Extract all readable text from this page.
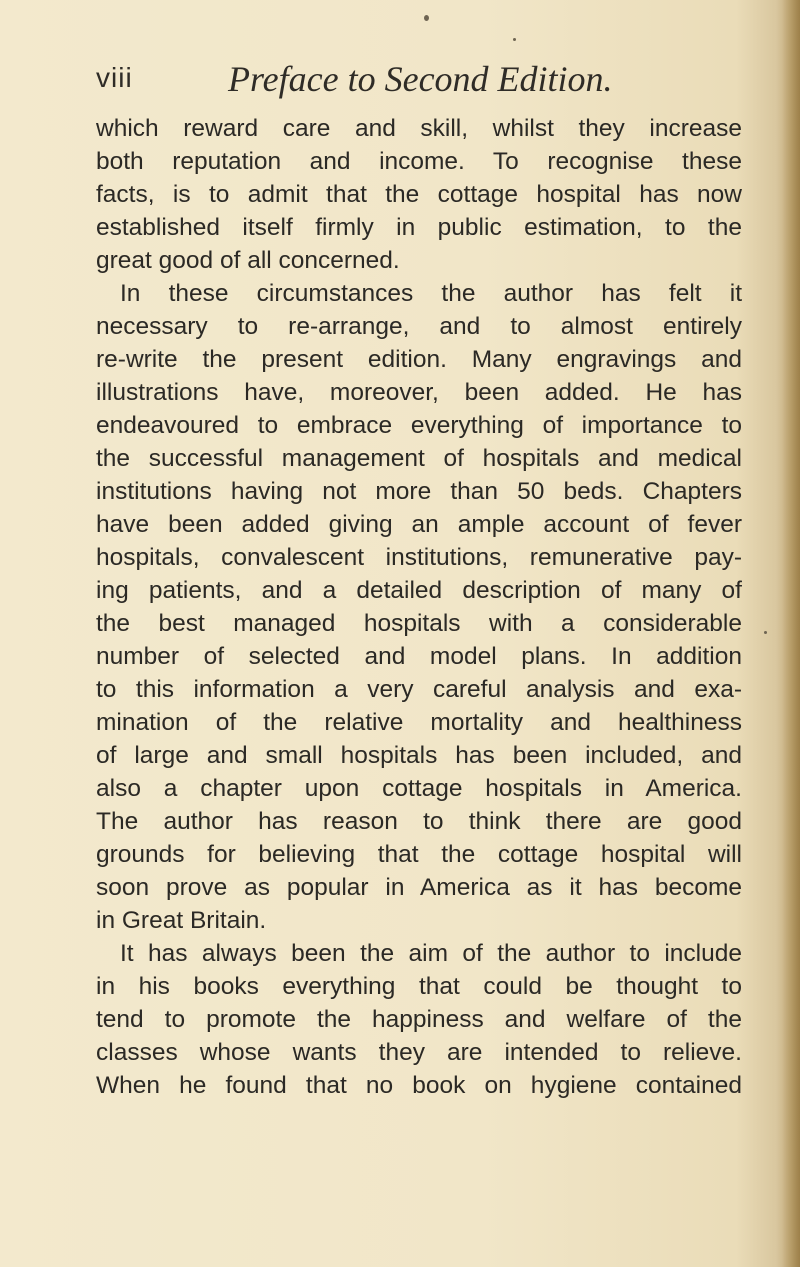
viii	Preface to Second Edition.
which reward care and skill, whilst they increase
both reputation and income. To recognise these
facts, is to admit that the cottage hospital has now
established itself firmly in public estimation, to the
great good of all concerned.
In these circumstances the author has felt it
necessary to re-arrange, and to almost entirely
re-write the present edition. Many engravings and
illustrations have, moreover, been added. He has
endeavoured to embrace everything of importance to
the successful management of hospitals and medical
institutions having not more than 50 beds. Chapters
have been added giving an ample account of fever
hospitals, convalescent institutions, remunerative pay-
ing patients, and a detailed description of many of
the best managed hospitals with a considerable
number of selected and model plans. In addition
to this information a very careful analysis and exa-
mination of the relative mortality and healthiness
of large and small hospitals has been included, and
also a chapter upon cottage hospitals in America.
The author has reason to think there are good
grounds for believing that the cottage hospital will
soon prove as popular in America as it has become
in Great Britain.
It has always been the aim of the author to include
in his books everything that could be thought to
tend to promote the happiness and welfare of the
classes whose wants they are intended to relieve.
When he found that no book on hygiene contained
